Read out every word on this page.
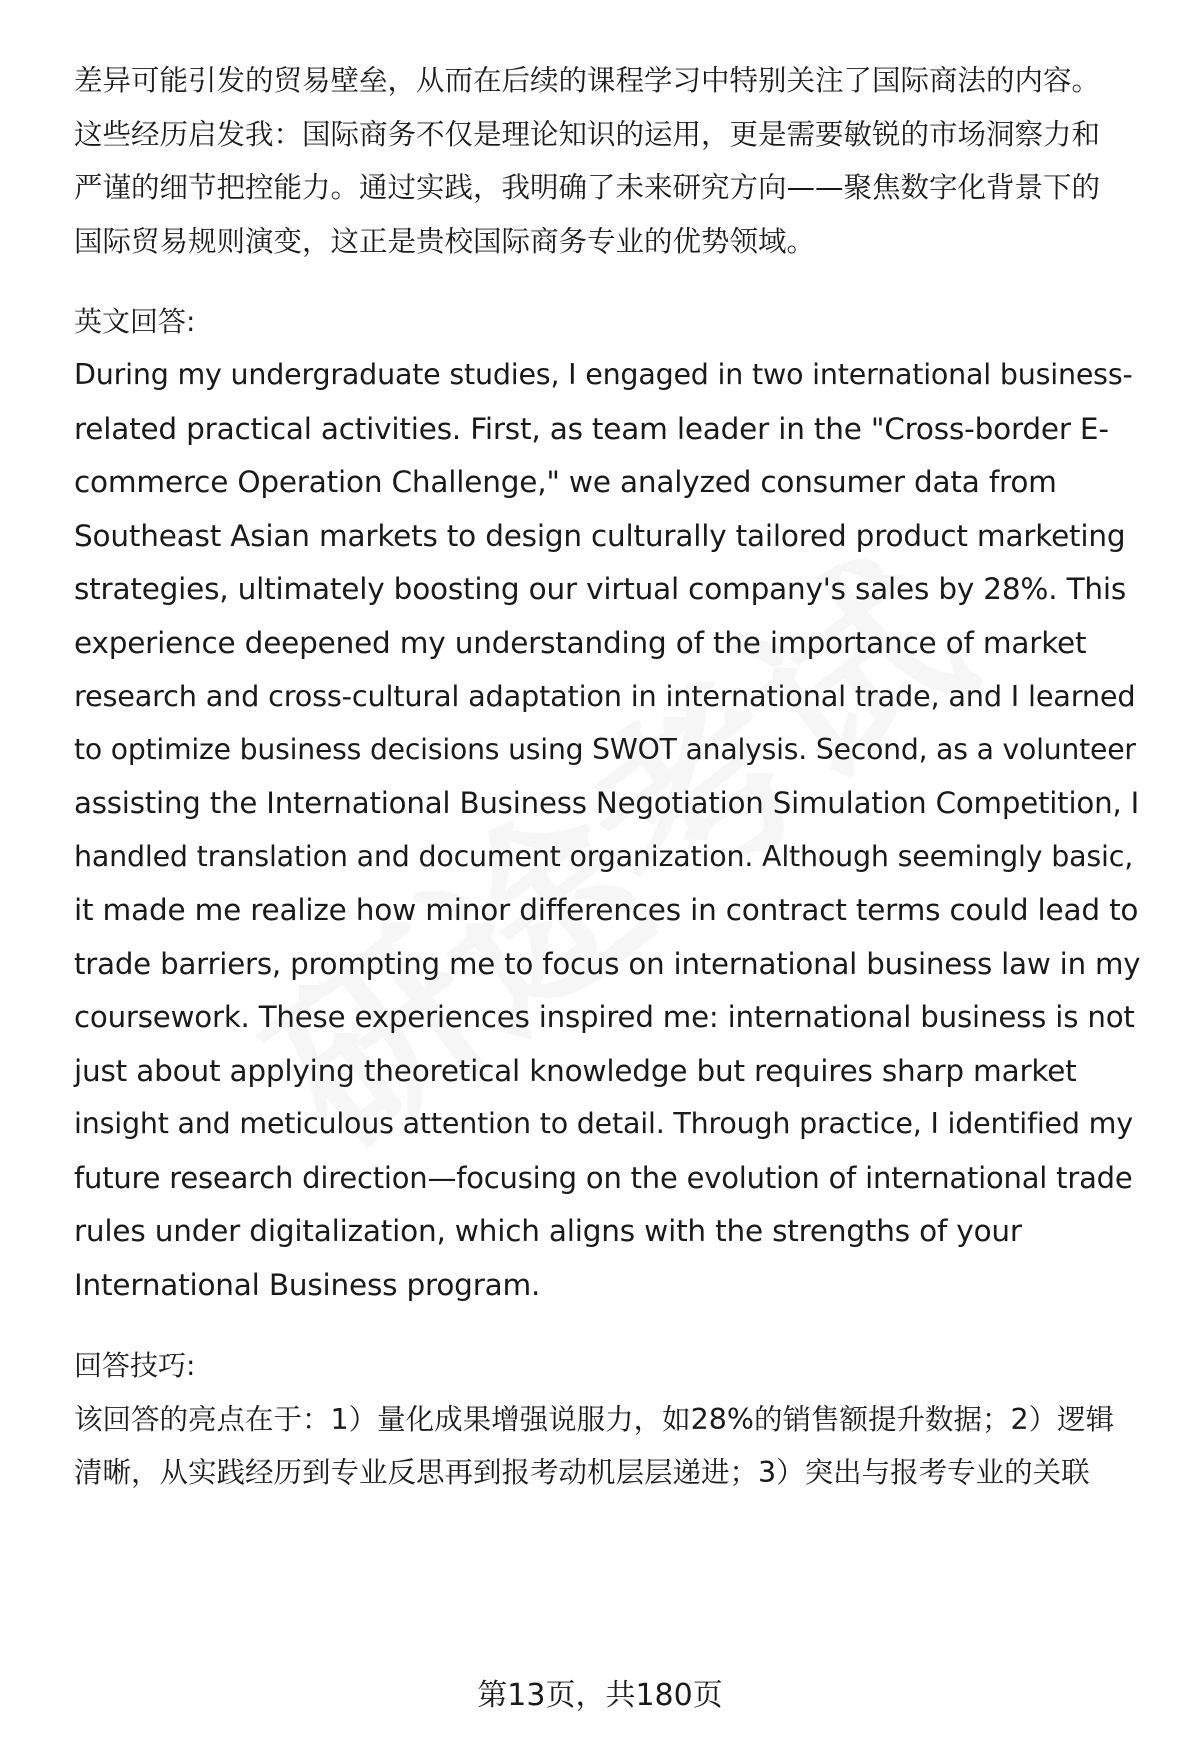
差异可能引发的贸易壁垒，从而在后续的课程学习中特别关注了国际商法的内容。
这些经历启发我：国际商务不仅是理论知识的运用，更是需要敏锐的市场洞察力和
严谨的细节把控能力。通过实践，我明确了未来研究方向——聚焦数字化背景下的
国际贸易规则演变，这正是贵校国际商务专业的优势领域。
英文回答:
During my undergraduate studies, I engaged in two international business-
related practical activities. First, as team leader in the "Cross-border E-
commerce Operation Challenge," we analyzed consumer data from
Southeast Asian markets to design culturally tailored product marketing
strategies, ultimately boosting our virtual company's sales by 28%. This
experience deepened my understanding of the importance of market
research and cross-cultural adaptation in international trade, and I learned
to optimize business decisions using SWOT analysis. Second, as a volunteer
assisting the International Business Negotiation Simulation Competition, I
handled translation and document organization. Although seemingly basic,
it made me realize how minor differences in contract terms could lead to
trade barriers, prompting me to focus on international business law in my
coursework. These experiences inspired me: international business is not
just about applying theoretical knowledge but requires sharp market
insight and meticulous attention to detail. Through practice, I identified my
future research direction—focusing on the evolution of international trade
rules under digitalization, which aligns with the strengths of your
International Business program.
回答技巧:
该回答的亮点在于：1）量化成果增强说服力，如28%的销售额提升数据；2）逻辑
清晰，从实践经历到专业反思再到报考动机层层递进；3）突出与报考专业的关联
第13页，共180页
